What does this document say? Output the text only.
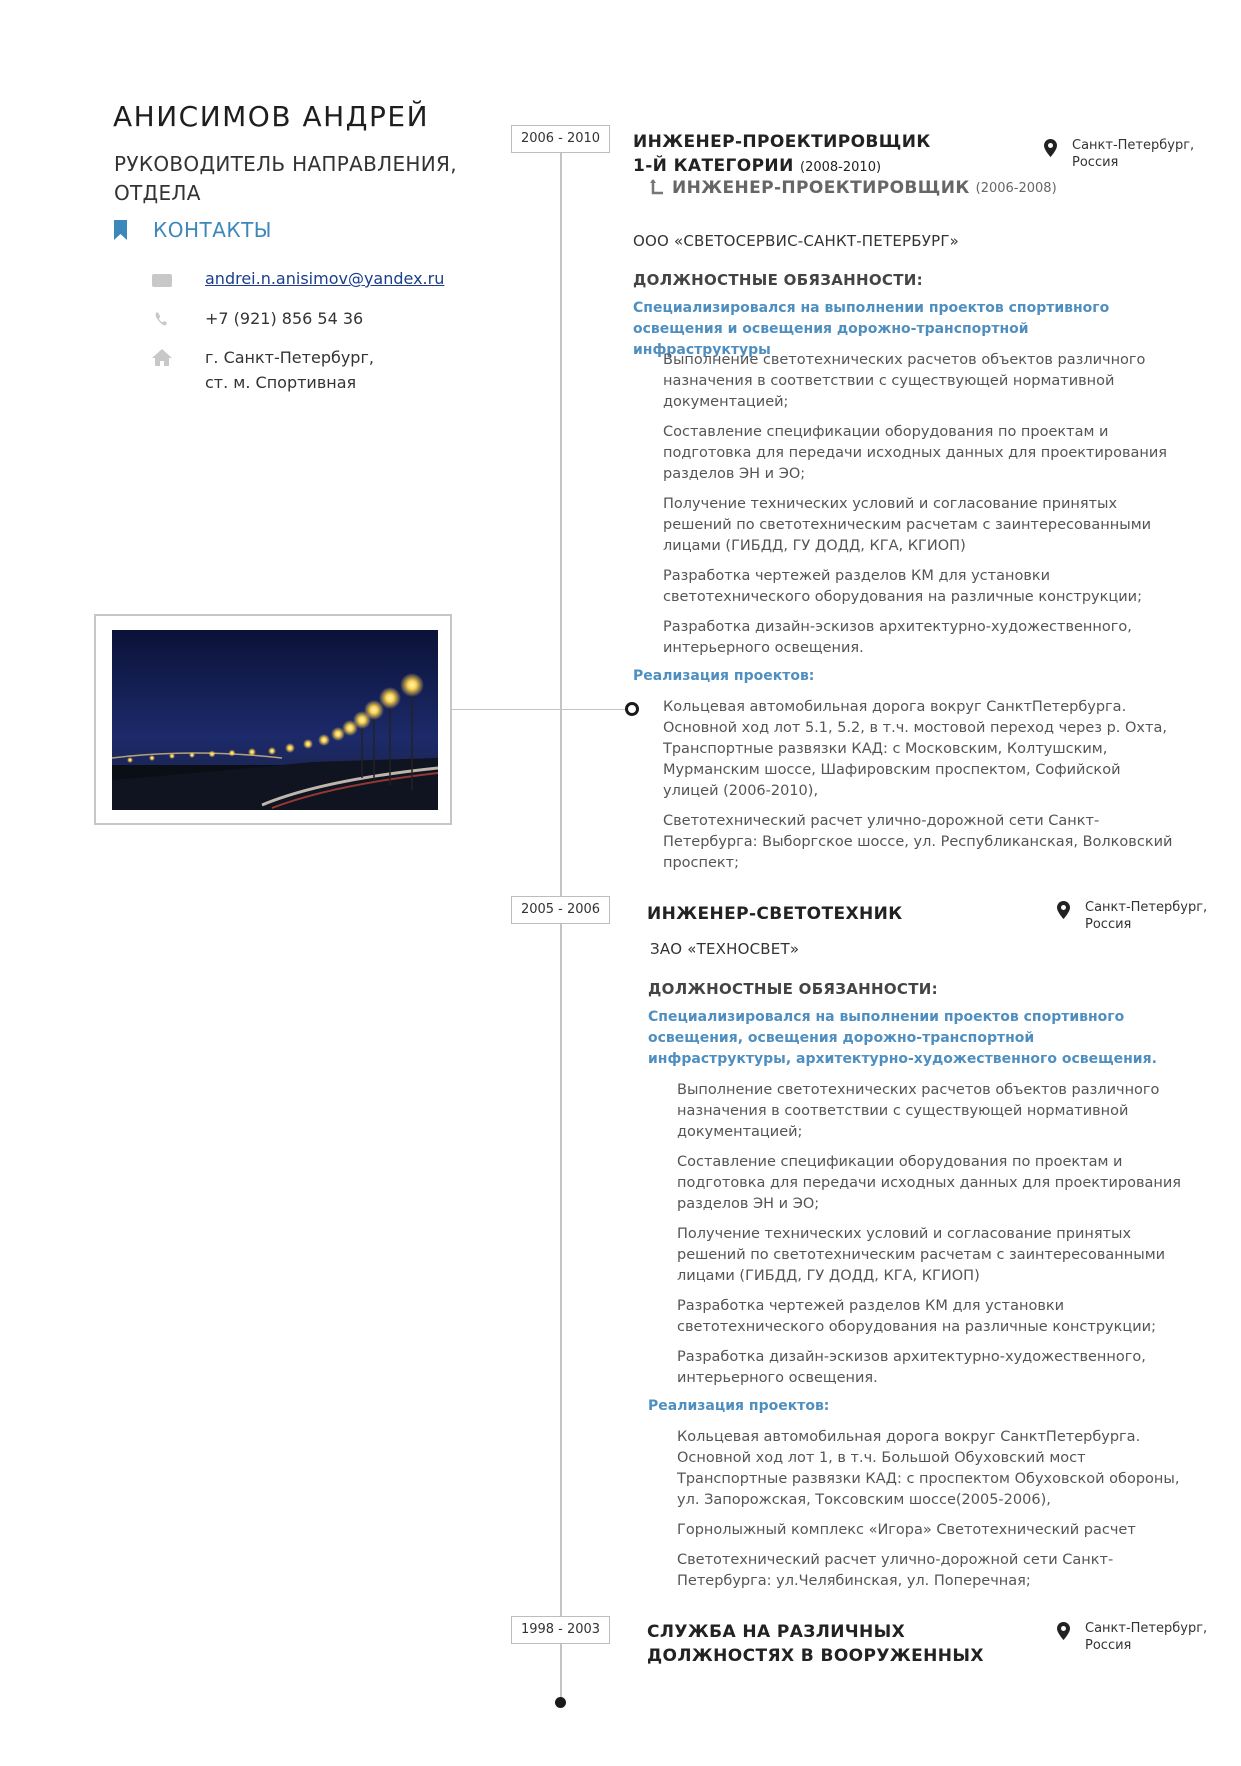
АНИСИМОВ АНДРЕЙ
РУКОВОДИТЕЛЬ НАПРАВЛЕНИЯ, ОТДЕЛА
КОНТАКТЫ
andrei.n.anisimov@yandex.ru
+7 (921) 856 54 36
г. Санкт-Петербург,
ст. м. Спортивная
2006 - 2010	ИНЖЕНЕР-ПРОЕКТИРОВЩИК
1-Й КАТЕГОРИИ (2008-2010)
ИНЖЕНЕР-ПРОЕКТИРОВЩИК (2006-2008)
Санкт-Петербург,
Россия
ООО «СВЕТОСЕРВИС-САНКТ-ПЕТЕРБУРГ»
ДОЛЖНОСТНЫЕ ОБЯЗАННОСТИ:
Специализировался на выполнении проектов спортивного освещения и освещения дорожно-транспортной инфраструктуры

Выполнение светотехнических расчетов объектов различного назначения в соответствии с существующей нормативной документацией;

Составление спецификации оборудования по проектам и подготовка для передачи исходных данных для проектирования разделов ЭН и ЭО;

Получение технических условий и согласование принятых решений по светотехническим расчетам с заинтересованными лицами (ГИБДД, ГУ ДОДД, КГА, КГИОП)

Разработка чертежей разделов КМ для установки светотехнического оборудования на различные конструкции;

Разработка дизайн-эскизов архитектурно-художественного, интерьерного освещения.

Реализация проектов:

Кольцевая автомобильная дорога вокруг СанктПетербурга. Основной ход лот 5.1, 5.2, в т.ч. мостовой переход через р. Охта, Транспортные развязки КАД: с Московским, Колтушским, Мурманским шоссе, Шафировским проспектом, Софийской улицей (2006-2010),

Светотехнический расчет улично-дорожной сети Санкт-Петербурга: Выборгское шоссе, ул. Республиканская, Волковский проспект;

2005 - 2006	ИНЖЕНЕР-СВЕТОТЕХНИК	Санкт-Петербург,
Россия
ЗАО «ТЕХНОСВЕТ»
ДОЛЖНОСТНЫЕ ОБЯЗАННОСТИ:
Специализировался на выполнении проектов спортивного освещения, освещения дорожно-транспортной инфраструктуры, архитектурно-художественного освещения.

Выполнение светотехнических расчетов объектов различного назначения в соответствии с существующей нормативной документацией;

Составление спецификации оборудования по проектам и подготовка для передачи исходных данных для проектирования разделов ЭН и ЭО;

Получение технических условий и согласование принятых решений по светотехническим расчетам с заинтересованными лицами (ГИБДД, ГУ ДОДД, КГА, КГИОП)

Разработка чертежей разделов КМ для установки светотехнического оборудования на различные конструкции;

Разработка дизайн-эскизов архитектурно-художественного, интерьерного освещения.

Реализация проектов:

Кольцевая автомобильная дорога вокруг СанктПетербурга. Основной ход лот 1, в т.ч. Большой Обуховский мост Транспортные развязки КАД: с проспектом Обуховской обороны, ул. Запорожская, Токсовским шоссе(2005-2006),

Горнолыжный комплекс «Игора» Светотехнический расчет

Светотехнический расчет улично-дорожной сети Санкт-Петербурга: ул.Челябинская, ул. Поперечная;

1998 - 2003	СЛУЖБА НА РАЗЛИЧНЫХ
ДОЛЖНОСТЯХ В ВООРУЖЕННЫХ
Санкт-Петербург,
Россия
